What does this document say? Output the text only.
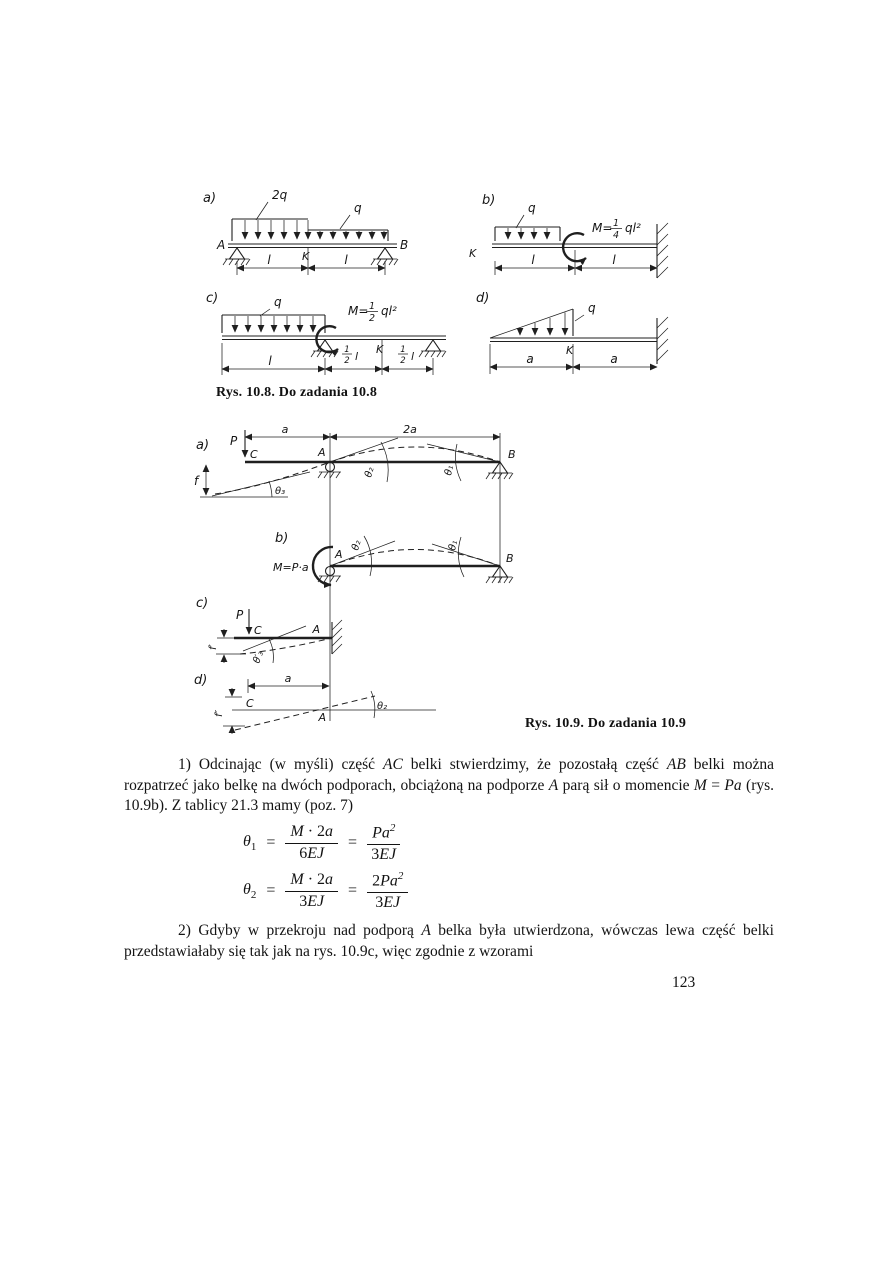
a)	2q
q
A	B
K
l	l
b)	q
K
M= 1
4
ql²
l	l
c)	q
M= 1
2
ql²
K
l
1
2 l	1
2 l
d)
q
K
a	a
Rys. 10.8. Do zadania 10.8
a)
a	2a
P
C	A	B
f
θ₃
θ₂	θ₁
b)
M=P·a
A	B
θ₂	θ₁
c)
P
C	A
θ′₃
f′
d)	a
C	θ₂
A
f″
Rys. 10.9. Do zadania 10.9

1) Odcinając (w myśli) część AC belki stwierdzimy, że pozostałą część AB belki można rozpatrzeć jako belkę na dwóch podporach, obciążoną na podporze A parą sił o momencie M = Pa (rys. 10.9b). Z tablicy 21.3 mamy (poz. 7)

$\theta_1 = \frac{M \cdot 2a}{6EJ} = \frac{Pa^2}{3EJ}$
$\theta_2 = \frac{M \cdot 2a}{3EJ} = \frac{2Pa^2}{3EJ}$

2) Gdyby w przekroju nad podporą A belka była utwierdzona, wówczas lewa część belki przedstawiałaby się tak jak na rys. 10.9c, więc zgodnie z wzorami

123
